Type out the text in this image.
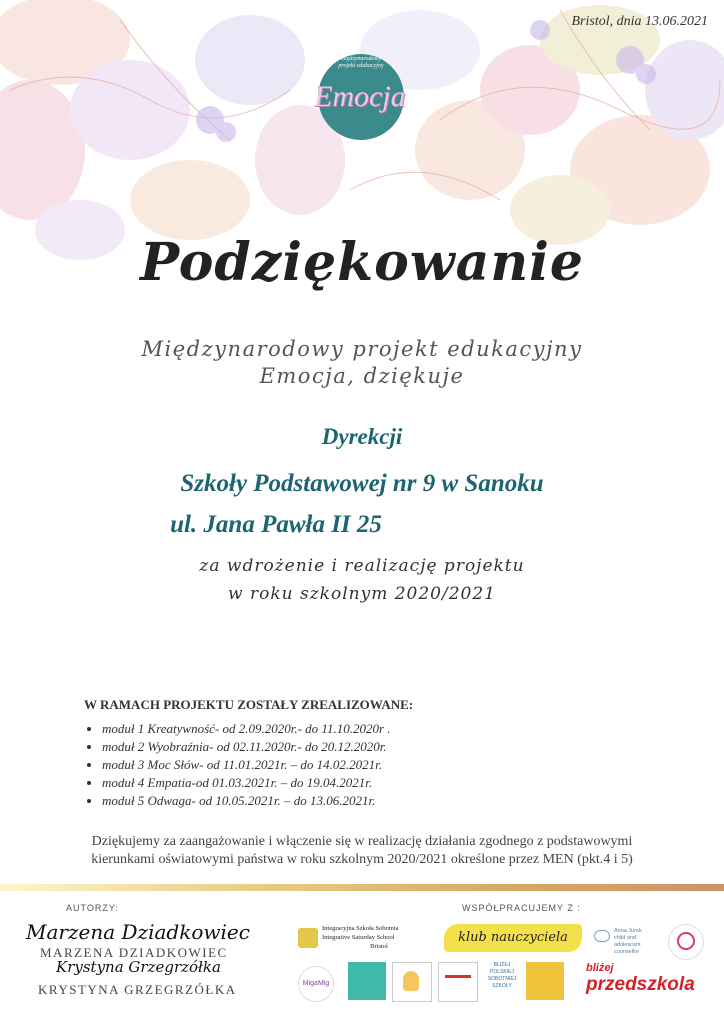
Bristol, dnia 13.06.2021
międzynarodowy
projekt edukacyjny
Emocja
Podziękowanie
Międzynarodowy projekt edukacyjny
Emocja, dziękuje
Dyrekcji
Szkoły Podstawowej nr 9 w Sanoku
ul. Jana Pawła II 25
za wdrożenie i realizację projektu
w roku szkolnym 2020/2021
W RAMACH PROJEKTU ZOSTAŁY ZREALIZOWANE:
• moduł 1 Kreatywność- od 2.09.2020r.- do 11.10.2020r .
• moduł 2 Wyobraźnia- od 02.11.2020r.- do 20.12.2020r.
• moduł 3 Moc Słów- od 11.01.2021r. – do 14.02.2021r.
• moduł 4 Empatia-od 01.03.2021r. – do 19.04.2021r.
• moduł 5 Odwaga- od 10.05.2021r. – do 13.06.2021r.
Dziękujemy za zaangażowanie i włączenie się w realizację działania zgodnego z podstawowymi
kierunkami oświatowymi państwa w roku szkolnym 2020/2021 określone przez MEN (pkt.4 i 5)
AUTORZY:
Marzena Dziadkowiec
MARZENA DZIADKOWIEC
Krystyna Grzegrzółka
KRYSTYNA GRZEGRZÓŁKA
WSPÓŁPRACUJEMY Z :
Integracyjna Szkoła Sobotnia
Integrative Saturday School
Bristol
klub nauczyciela	Anna Jurek
child and adolescent
counsellor
MigaMig
BLIŻEJ POLSKIEJ SOBOTNIEJ SZKOŁY
bliżej
przedszkola
